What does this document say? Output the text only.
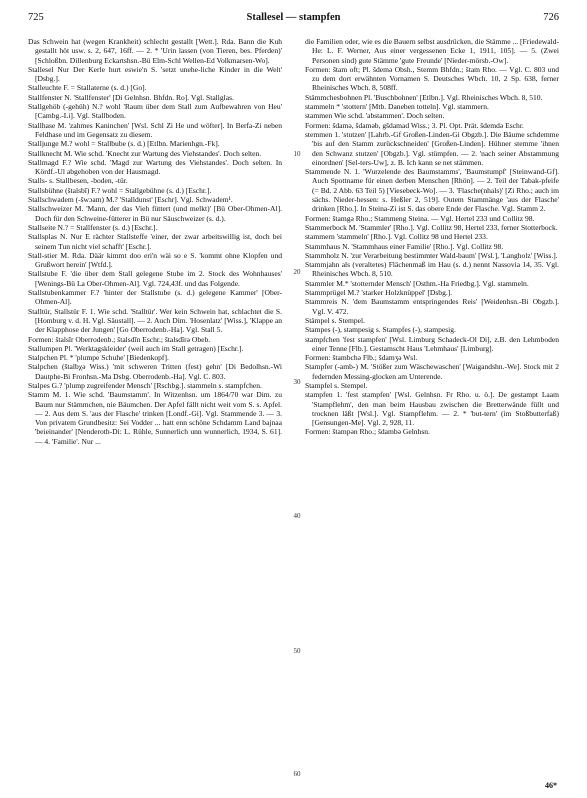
725	Stallesel — stampfen	726

Das Schwein hat (wegen Krankheit) schlecht gestallt [Wett.]. Rda. Bann die Kuh gestallt höt usw. s. 2, 647, 16ff. — 2. * 'Urin lassen (von Tieren, bes. Pferden)' [Schloßbn. Dillenburg Eckartshsn.-Bü Elm-Schl Wellen-Ed Volkmarsen-Wo].

Stallesel Nur Der Kerle hurt eswie'n S. 'setzt unehe-liche Kinder in die Welt' [Dsbg.].

Stalleuchte F. = Stallaterne (s. d.) [Go].

Stallfenster N. 'Stallfenster' [Di Gelnhsn. Bhfdn. Ro]. Vgl. Stallglas.

Stallgehöb (-gehüh) N.? wohl 'Raum über dem Stall zum Aufbewahren von Heu' [Cambg.-Li]. Vgl. Stallboden.

Stallhase M. 'zahmes Kaninchen' [Wsl. Schl Zi He und wöfter]. In Berfa-Zi neben Feldhase und im Gegensatz zu diesem.

Stalljunge M.? wohl = Stallbube (s. d.) [Etlbn. Marienhgn.-Fk].

Stallknecht M. Wie schd. 'Knecht zur Wartung des Viehstandes'. Doch selten.

Stallmagd F.? Wie schd. 'Magd zur Wartung des Viehstandes'. Doch selten. In Kördf.-Ul abgehoben von der Hausmagd.

Stalls- s. Stallbesen, -boden, -tür.

Stallsbühne (štalsbī) F.? wohl = Stallgebühne (s. d.) [Eschr.].

Stallschwadem (-šwɔam) M.? 'Stalldunst' [Eschr]. Vgl. Schwadem¹.

Stallschweizer M. 'Mann, der das Vieh füttert (und melkt)' [Bü Ober-Ohmen-Al]. Doch für den Schweine-fütterer in Bü nur Säuschweizer (s. d.).

Stallseite N.? = Stallfenster (s. d.) [Eschr.].

Stallsplas N. Nur E rächter Stallsteffe 'einer, der zwar arbeitswillig ist, doch bei seinem Tun nicht viel schafft' [Eschr.].

Stall-stier M. Rda. Däär kimmt doo eri'n wäi so e S. 'kommt ohne Klopfen und Grußwort herein' [Wtfd.].

Stallstube F. 'die über dem Stall gelegene Stube im 2. Stock des Wohnhauses' [Wenings-Bü La Ober-Ohmen-Al]. Vgl. 724,43f. und das Folgende.

Stallstubenkammer F.? 'hinter der Stallstube (s. d.) gelegene Kammer' [Ober-Ohmen-Al].

Stalltür, Stallstür F. 1. Wie schd. 'Stalltür'. Wer kein Schwein hat, schlachtet die S. [Homburg v. d. H. Vgl. Säustall]. — 2. Auch Dim. 'Hosenlatz' [Wiss.], 'Klappe an der Klapphose der Jungen' [Go Oberrodenb.-Ha]. Vgl. Stall 5.

Formen: štalsīr Oberrodenb.; štalsdīn Eschr.; štalsdīrə Obeb.

Stallumpen Pl. 'Werktagskleider' (weil auch im Stall getragen) [Eschr.].

Stalpchen Pl. * 'plumpe Schuhe' [Biedenkopf].

Stalpchen (štalbχə Wiss.) 'mit schweren Tritten (fest) gehn' [Di Bedolhsn.-Wi Dautphe-Bi Fronhsn.-Ma Dsbg. Oberrodenb.-Ha]. Vgl. C. 803.

Stalpes G.? 'plump zugreifender Mensch' [Rschbg.]. stammeln s. stampfchen.

Stamm M. 1. Wie schd. 'Baumstamm'. In Witzenhsn. um 1864/70 war Dim. zu Baum nur Stämmchen, nie Bäumchen. Der Apfel fällt nicht weit vom S. s. Apfel. — 2. Aus dem S. 'aus der Flasche' trinken [Londf.-Gi]. Vgl. Stammende 3. — 3. Von privatem Grundbesitz: Sei Vodder ... hatt enn schöne Schdamm Land bajnaa 'beieinander' [Nenderoth-Di: L. Rühle, Sunnerlich unn wunnerlich, 1934, S. 61]. — 4. 'Familie'. Nur ...

10
20
30
40
50
60

die Familien oder, wie es die Bauern selbst ausdrücken, die Stämme ... [Friedewald-He: L. F. Werner, Aus einer vergessenen Ecke 1, 1911, 105]. — 5. (Zwei Personen sind) gute Stämme 'gute Freunde' [Nieder-mörsb.-Ow].

Formen: štam oft; Pl. šdemə Obsh., Stemm Bhfdn.; štam Rho. — Vgl. C. 803 und zu dem dort erwähnten Vornamen S. Deutsches Wbch. 10, 2 Sp. 638, ferner Rheinisches Wbch. 8, 508ff.

Stämmchesbohnen Pl. 'Buschbohnen' [Etlbn.]. Vgl. Rheinisches Wbch. 8, 510.

stammeln * 'stottern' [Mtb. Daneben totteln]. Vgl. stammern.

stammen Wie schd. 'abstammen'. Doch selten.

Formen: šdamə, šdaməb, gšdamad Wiss.; 3. Pl. Opt. Prät. šdemdə Eschr.

stemmen 1. 'stutzen' [Lahrb.-Gf Großen-Linden-Gi Obgzb.]. Die Bäume schdemme 'bis auf den Stamm zurückschneiden' [Großen-Linden]. Hühner stemme 'ihnen den Schwanz stutzen' [Obgzb.]. Vgl. stümpfen. — 2. 'nach seiner Abstammung einordnen' [Sel-ters-Uw], z. B. Ich kann se net stämmen.

Stammende N. 1. 'Wurzelende des Baumstamms', 'Baumstumpf' [Steinwand-Gf]. Auch Spottname für einen derben Menschen [Rhön]. — 2. Teil der Tabak-pfeife (= Bd. 2 Abb. 63 Teil 5) [Viesebeck-Wo]. — 3. 'Flasche(nhals)' [Zi Rho.; auch im sächs. Nieder-hessen: s. Heßler 2, 519]. Outem Stammänge 'aus der Flasche' drinken [Rho.]. In Steina-Zi ist S. das obere Ende der Flasche. Vgl. Stamm 2.

Formen: štamgə Rho.; Stammeng Steina. — Vgl. Hertel 233 und Collitz 98.

Stammerbock M. 'Stammler' [Rho.]. Vgl. Collitz 98, Hertel 233, ferner Stotterbock.

stammern 'stammeln' [Rho.]. Vgl. Collitz 98 und Hertel 233.

Stammhaus N. 'Stammhaus einer Familie' [Rho.]. Vgl. Collitz 98.

Stammholz N. 'zur Verarbeitung bestimmter Wald-baum' [Wsl.], 'Langholz' [Wiss.].

Stammjahn als (veraltetes) Flächenmaß im Hau (s. d.) nennt Nassovia 14, 35. Vgl. Rheinisches Wbch. 8, 510.

Stammler M.* 'stotternder Mensch' [Osthm.-Ha Friedbg.]. Vgl. stammeln.

Stammprügel M.? 'starker Holzknüppel' [Dsbg.].

Stammreis N. 'dem Baumstamm entspringendes Reis' [Weidenhsn.-Bi Obgzb.]. Vgl. V. 472.

Stämpel s. Stempel.

Stampes (-), stampesig s. Stampfes (-), stampesig.

stampfchen 'fest stampfen' [Wsl. Limburg Schadeck-Ol Di], z.B. den Lehmboden einer Tenne [Flb.]. Gestamscht Haus 'Lehmhaus' [Limburg].

Formen: štambchə Flb.; šdamʒə Wsl.

Stampfer (-amb-) M. 'Stößer zum Wäschewaschen' [Waigandshn.-We]. Stock mit 2 federnden Messing-glocken am Unterende.

Stampfel s. Stempel.

stampfen 1. 'fest stampfen' [Wsl. Gelnhsn. Fr Rho. u. ö.]. De gestampt Laam 'Stampflehm', den man beim Hausbau zwischen die Bretterwände füllt und trocknen läßt [Wsl.]. Vgl. Stampflehm. — 2. * 'but-tern' (im Stoßbutterfaß) [Gensungen-Me]. Vgl. 2, 928, 11.

Formen: štampən Rho.; šdambə Gelnhsn.

46*
